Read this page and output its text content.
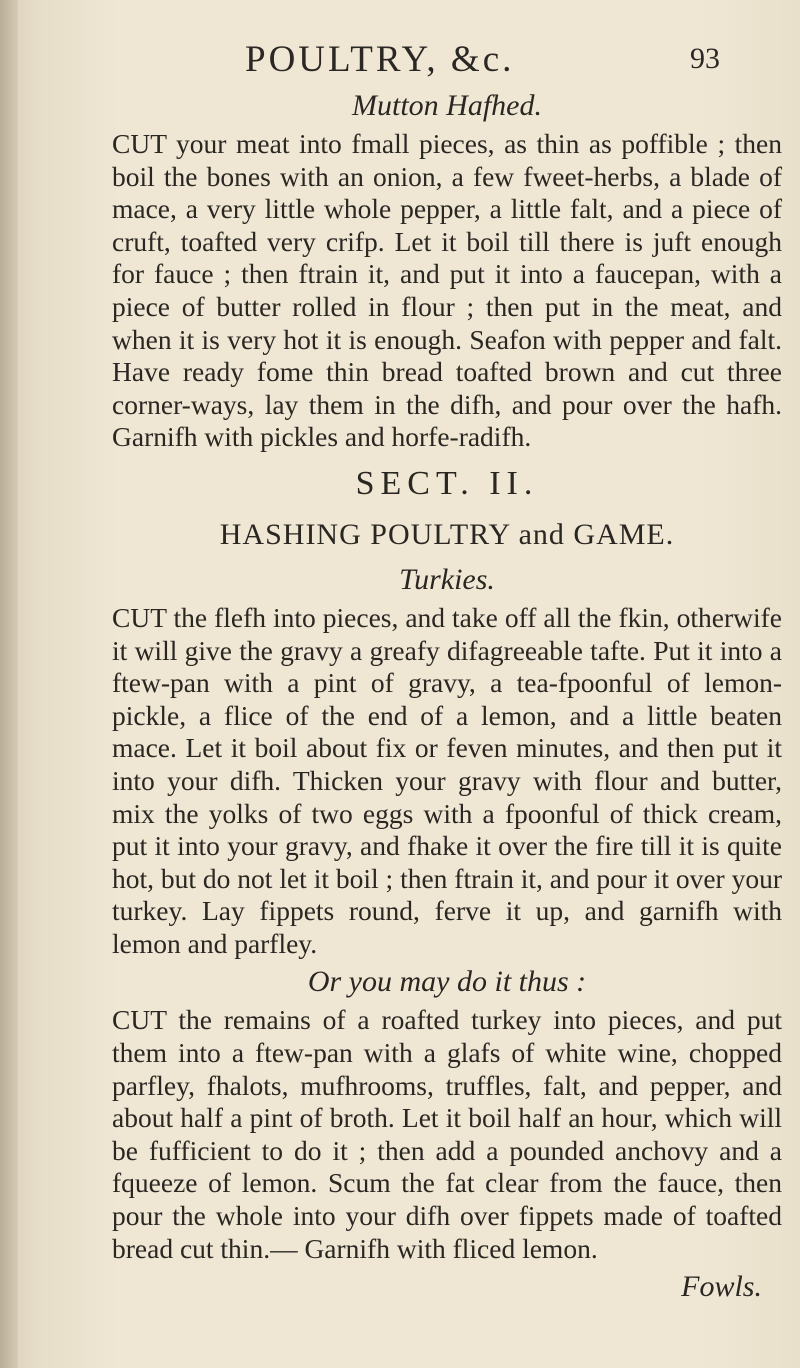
POULTRY, &c.	93

Mutton Hafhed.

CUT your meat into fmall pieces, as thin as poffible ; then boil the bones with an onion, a few fweet-herbs, a blade of mace, a very little whole pepper, a little falt, and a piece of cruft, toafted very crifp. Let it boil till there is juft enough for fauce ; then ftrain it, and put it into a faucepan, with a piece of butter rolled in flour ; then put in the meat, and when it is very hot it is enough. Seafon with pepper and falt. Have ready fome thin bread toafted brown and cut three corner-ways, lay them in the difh, and pour over the hafh. Garnifh with pickles and horfe-radifh.

SECT. II.

HASHING POULTRY and GAME.

Turkies.

CUT the flefh into pieces, and take off all the fkin, otherwife it will give the gravy a greafy difagreeable tafte. Put it into a ftew-pan with a pint of gravy, a tea-fpoonful of lemon-pickle, a flice of the end of a lemon, and a little beaten mace. Let it boil about fix or feven minutes, and then put it into your difh. Thicken your gravy with flour and butter, mix the yolks of two eggs with a fpoonful of thick cream, put it into your gravy, and fhake it over the fire till it is quite hot, but do not let it boil ; then ftrain it, and pour it over your turkey. Lay fippets round, ferve it up, and garnifh with lemon and parfley.

Or you may do it thus :

CUT the remains of a roafted turkey into pieces, and put them into a ftew-pan with a glafs of white wine, chopped parfley, fhalots, mufhrooms, truffles, falt, and pepper, and about half a pint of broth. Let it boil half an hour, which will be fufficient to do it ; then add a pounded anchovy and a fqueeze of lemon. Scum the fat clear from the fauce, then pour the whole into your difh over fippets made of toafted bread cut thin.— Garnifh with fliced lemon.

Fowls.
